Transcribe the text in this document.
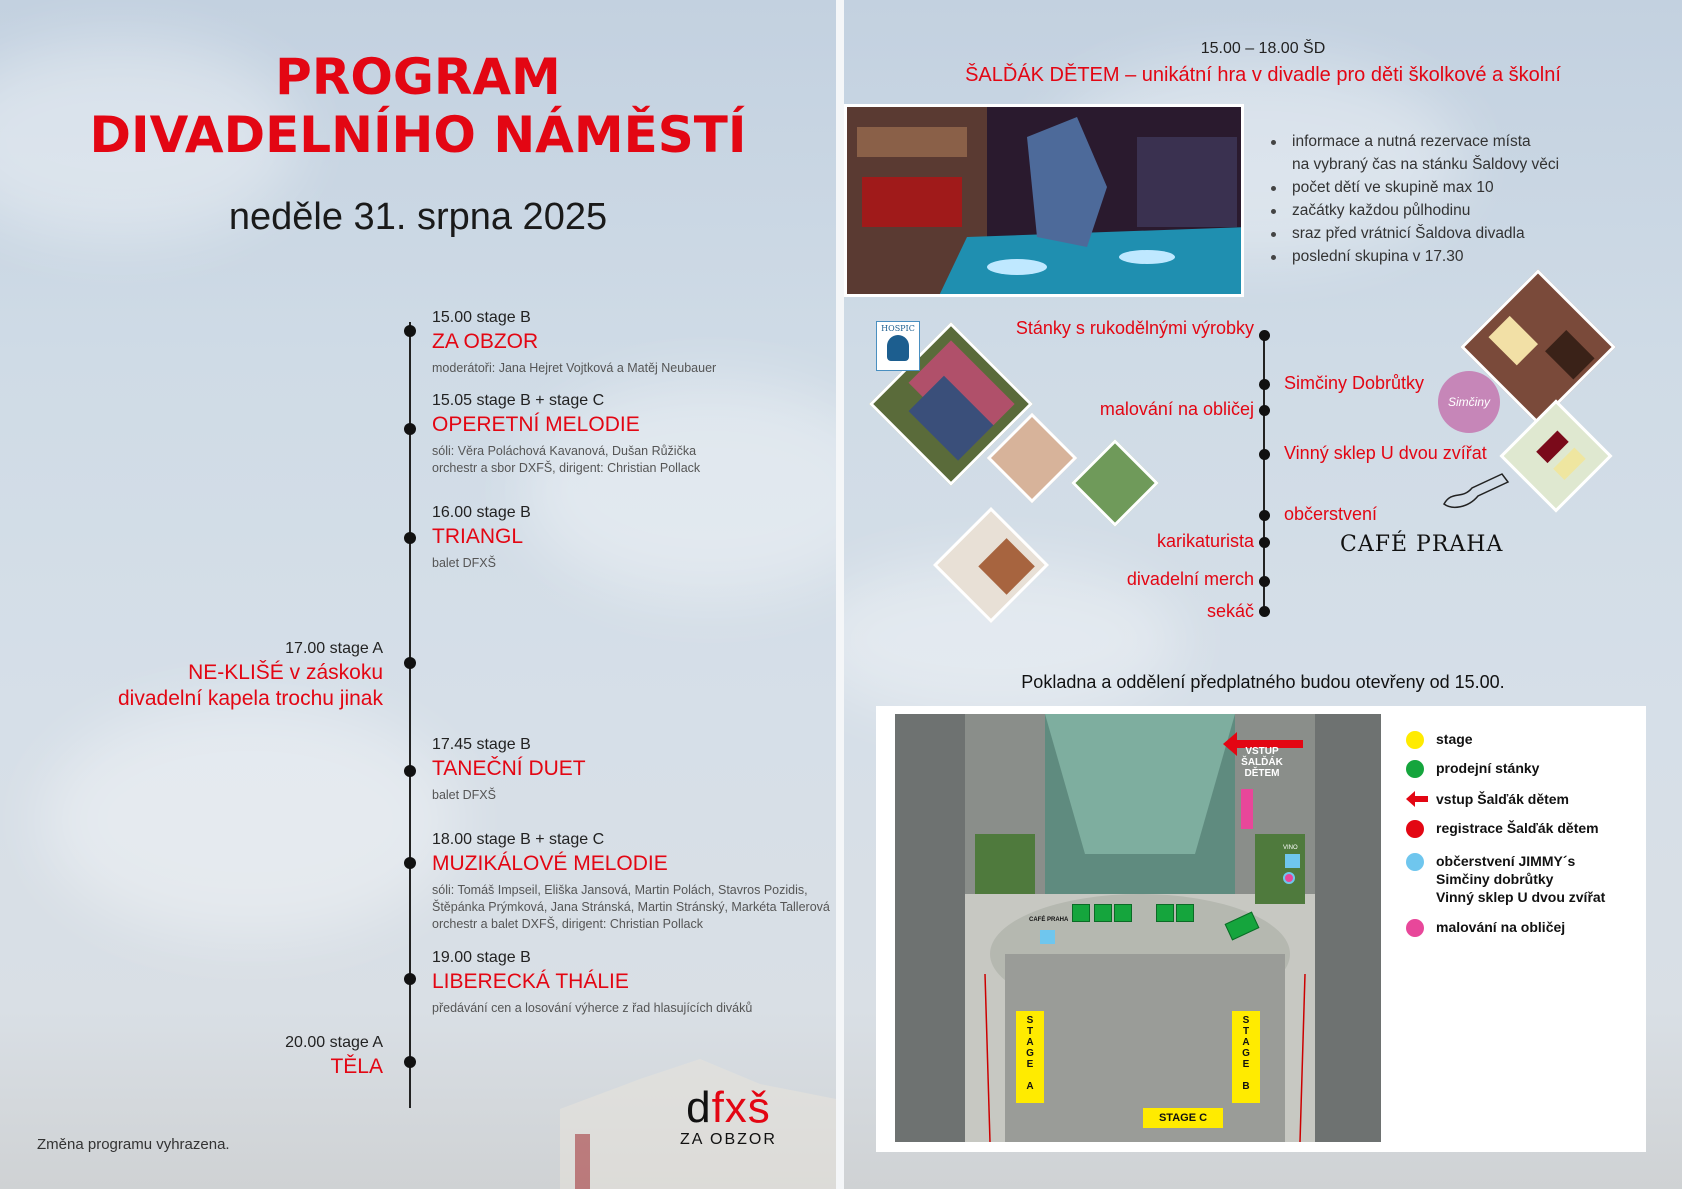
PROGRAM
DIVADELNÍHO NÁMĚSTÍ
neděle 31. srpna 2025
15.00 stage B
ZA OBZOR
moderátoři: Jana Hejret Vojtková a Matěj Neubauer
15.05 stage B + stage C
OPERETNÍ MELODIE
sóli: Věra Poláchová Kavanová, Dušan Růžička
orchestr a sbor DXFŠ, dirigent: Christian Pollack
16.00 stage B
TRIANGL
balet DFXŠ
17.00 stage A
NE-KLIŠÉ v záskoku
divadelní kapela trochu jinak
17.45 stage B
TANEČNÍ DUET
balet DFXŠ
18.00 stage B + stage C
MUZIKÁLOVÉ MELODIE
sóli: Tomáš Impseil, Eliška Jansová, Martin Polách, Stavros Pozidis,
Štěpánka Prýmková, Jana Stránská, Martin Stránský, Markéta Tallerová
orchestr a balet DXFŠ, dirigent: Christian Pollack
19.00 stage B
LIBERECKÁ THÁLIE
předávání cen a losování výherce z řad hlasujících diváků
20.00 stage A
TĚLA
Změna programu vyhrazena.
dfxš
ZA OBZOR
15.00 – 18.00 ŠD
ŠALĎÁK DĚTEM – unikátní hra v divadle pro děti školkové a školní
informace a nutná rezervace místa
na vybraný čas na stánku Šaldovy věci
počet dětí ve skupině max 10
začátky každou půlhodinu
sraz před vrátnicí Šaldova divadla
poslední skupina v 17.30
HOSPIC
Simčiny
Stánky s rukodělnými výrobky
malování na obličej
karikaturista
divadelní merch
sekáč
Simčiny Dobrůtky
Vinný sklep U dvou zvířat
občerstvení
CAFÉ PRAHA
Pokladna a oddělení předplatného budou otevřeny od 15.00.
VSTUP
ŠALĎÁK
DĚTEM
VINO
CAFÉ PRAHA
S
T
A
G
E

A
S
T
A
G
E

B
STAGE C
stage
prodejní stánky
vstup Šalďák dětem
registrace Šalďák dětem
občerstvení JIMMY´s
Simčiny dobrůtky
Vinný sklep U dvou zvířat
malování na obličej
